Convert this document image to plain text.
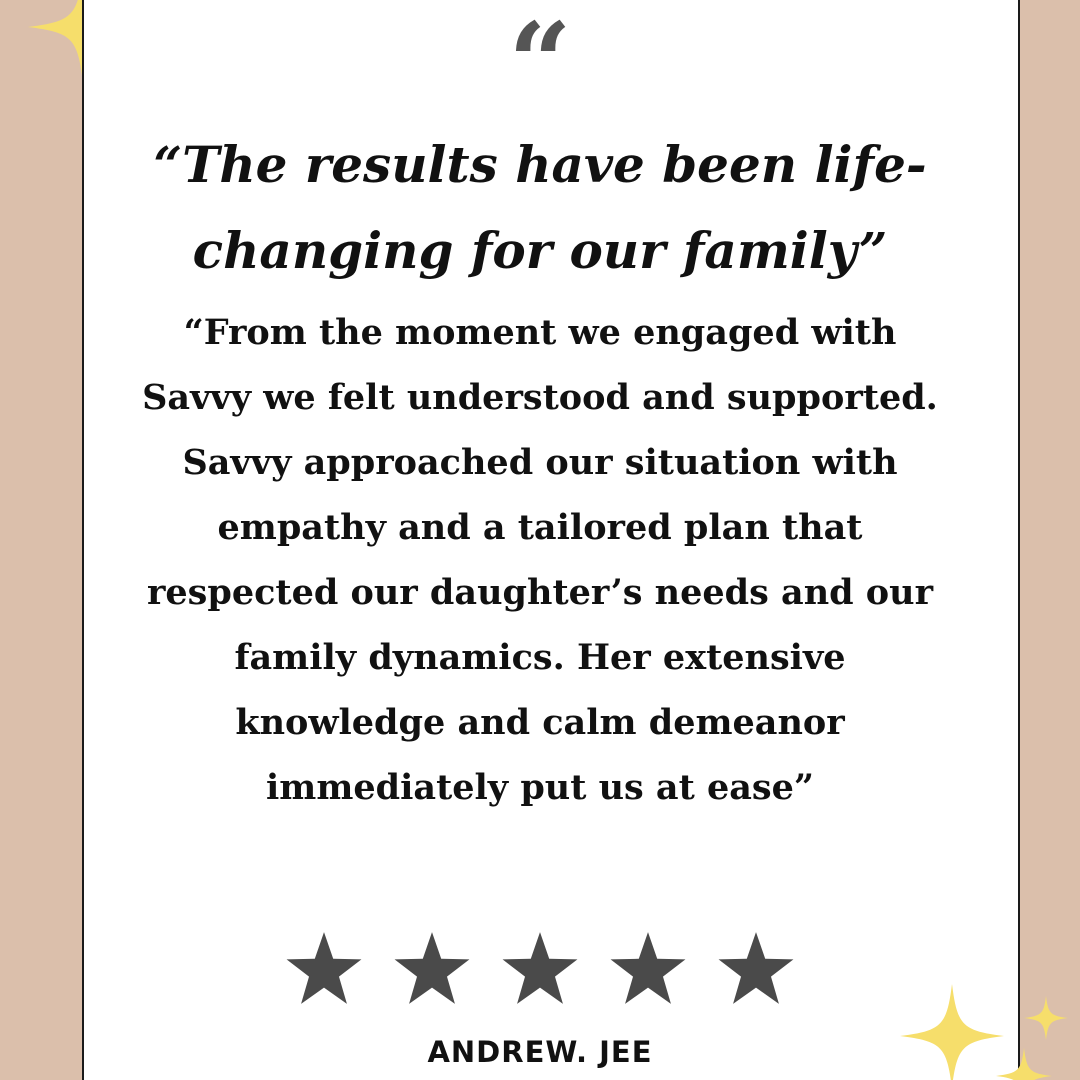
“

“The results have been life-changing for our family”

“From the moment we engaged with Savvy we felt understood and supported. Savvy approached our situation with empathy and a tailored plan that respected our daughter’s needs and our family dynamics. Her extensive knowledge and calm demeanor immediately put us at ease”

ANDREW. JEE
